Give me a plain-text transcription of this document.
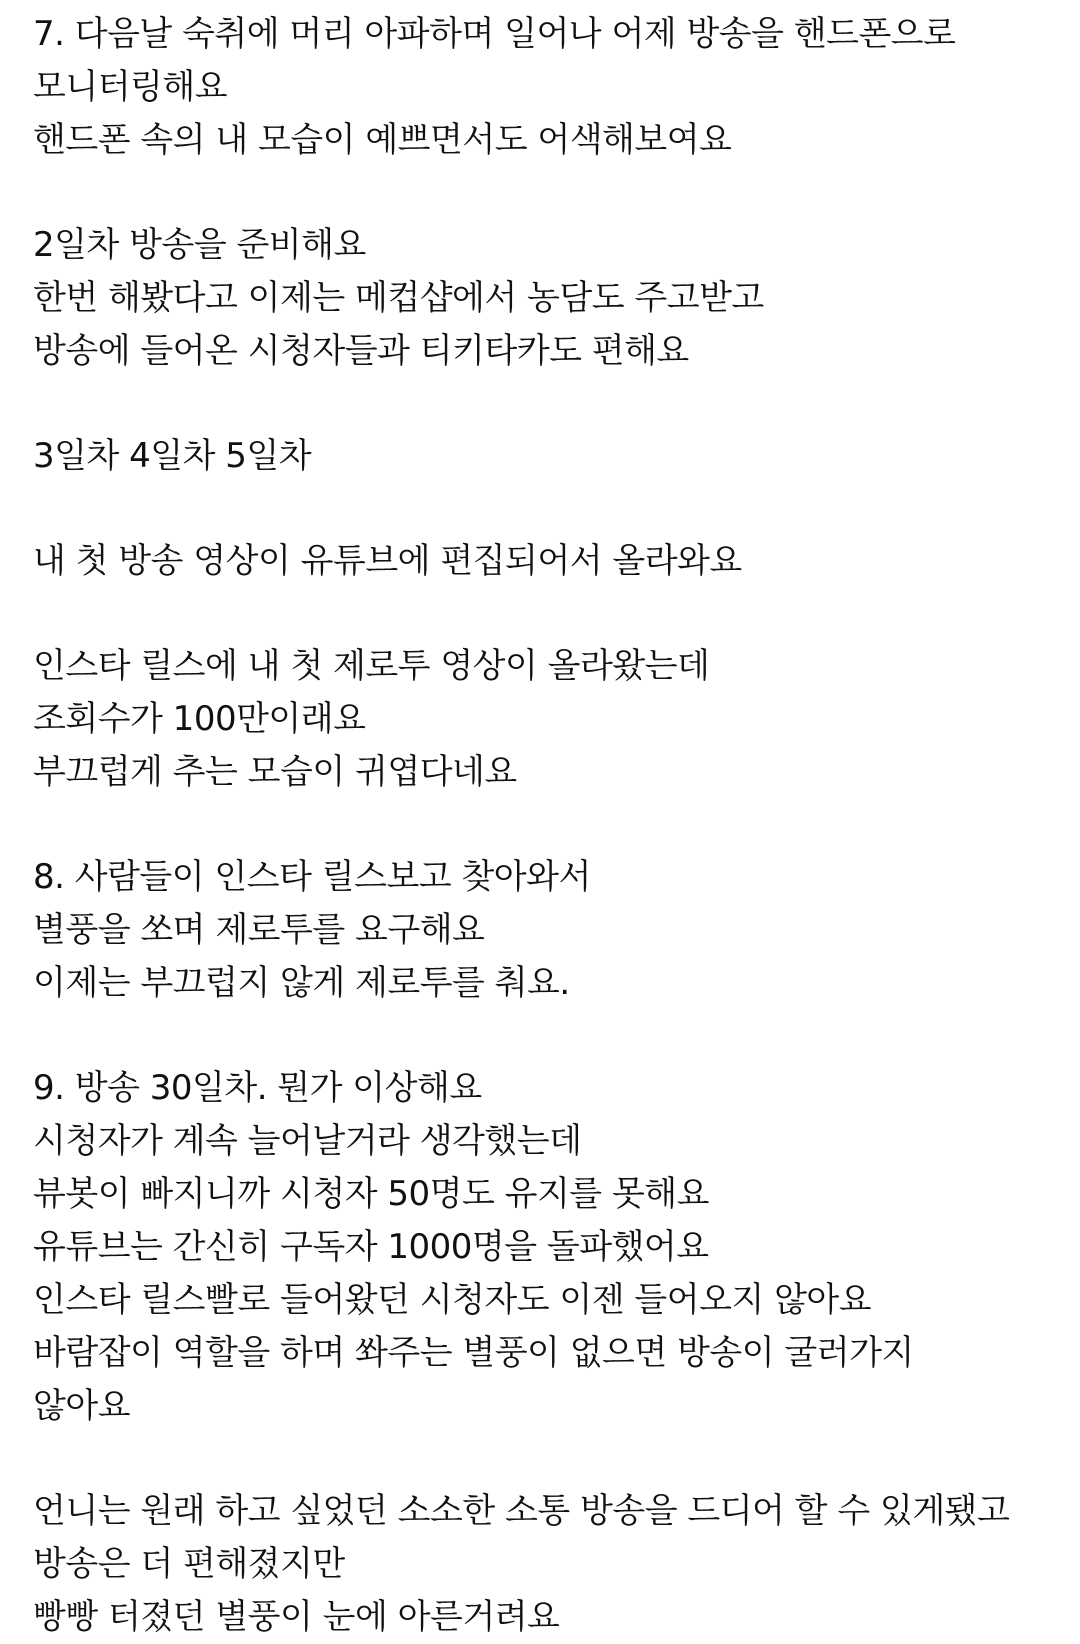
7. 다음날 숙취에 머리 아파하며 일어나 어제 방송을 핸드폰으로
모니터링해요
핸드폰 속의 내 모습이 예쁘면서도 어색해보여요
2일차 방송을 준비해요
한번 해봤다고 이제는 메컵샵에서 농담도 주고받고
방송에 들어온 시청자들과 티키타카도 편해요
3일차 4일차 5일차
내 첫 방송 영상이 유튜브에 편집되어서 올라와요
인스타 릴스에 내 첫 제로투 영상이 올라왔는데
조회수가 100만이래요
부끄럽게 추는 모습이 귀엽다네요
8. 사람들이 인스타 릴스보고 찾아와서
별풍을 쏘며 제로투를 요구해요
이제는 부끄럽지 않게 제로투를 춰요.
9. 방송 30일차. 뭔가 이상해요
시청자가 계속 늘어날거라 생각했는데
뷰봇이 빠지니까 시청자 50명도 유지를 못해요
유튜브는 간신히 구독자 1000명을 돌파했어요
인스타 릴스빨로 들어왔던 시청자도 이젠 들어오지 않아요
바람잡이 역할을 하며 쏴주는 별풍이 없으면 방송이 굴러가지
않아요
언니는 원래 하고 싶었던 소소한 소통 방송을 드디어 할 수 있게됐고
방송은 더 편해졌지만
빵빵 터졌던 별풍이 눈에 아른거려요
